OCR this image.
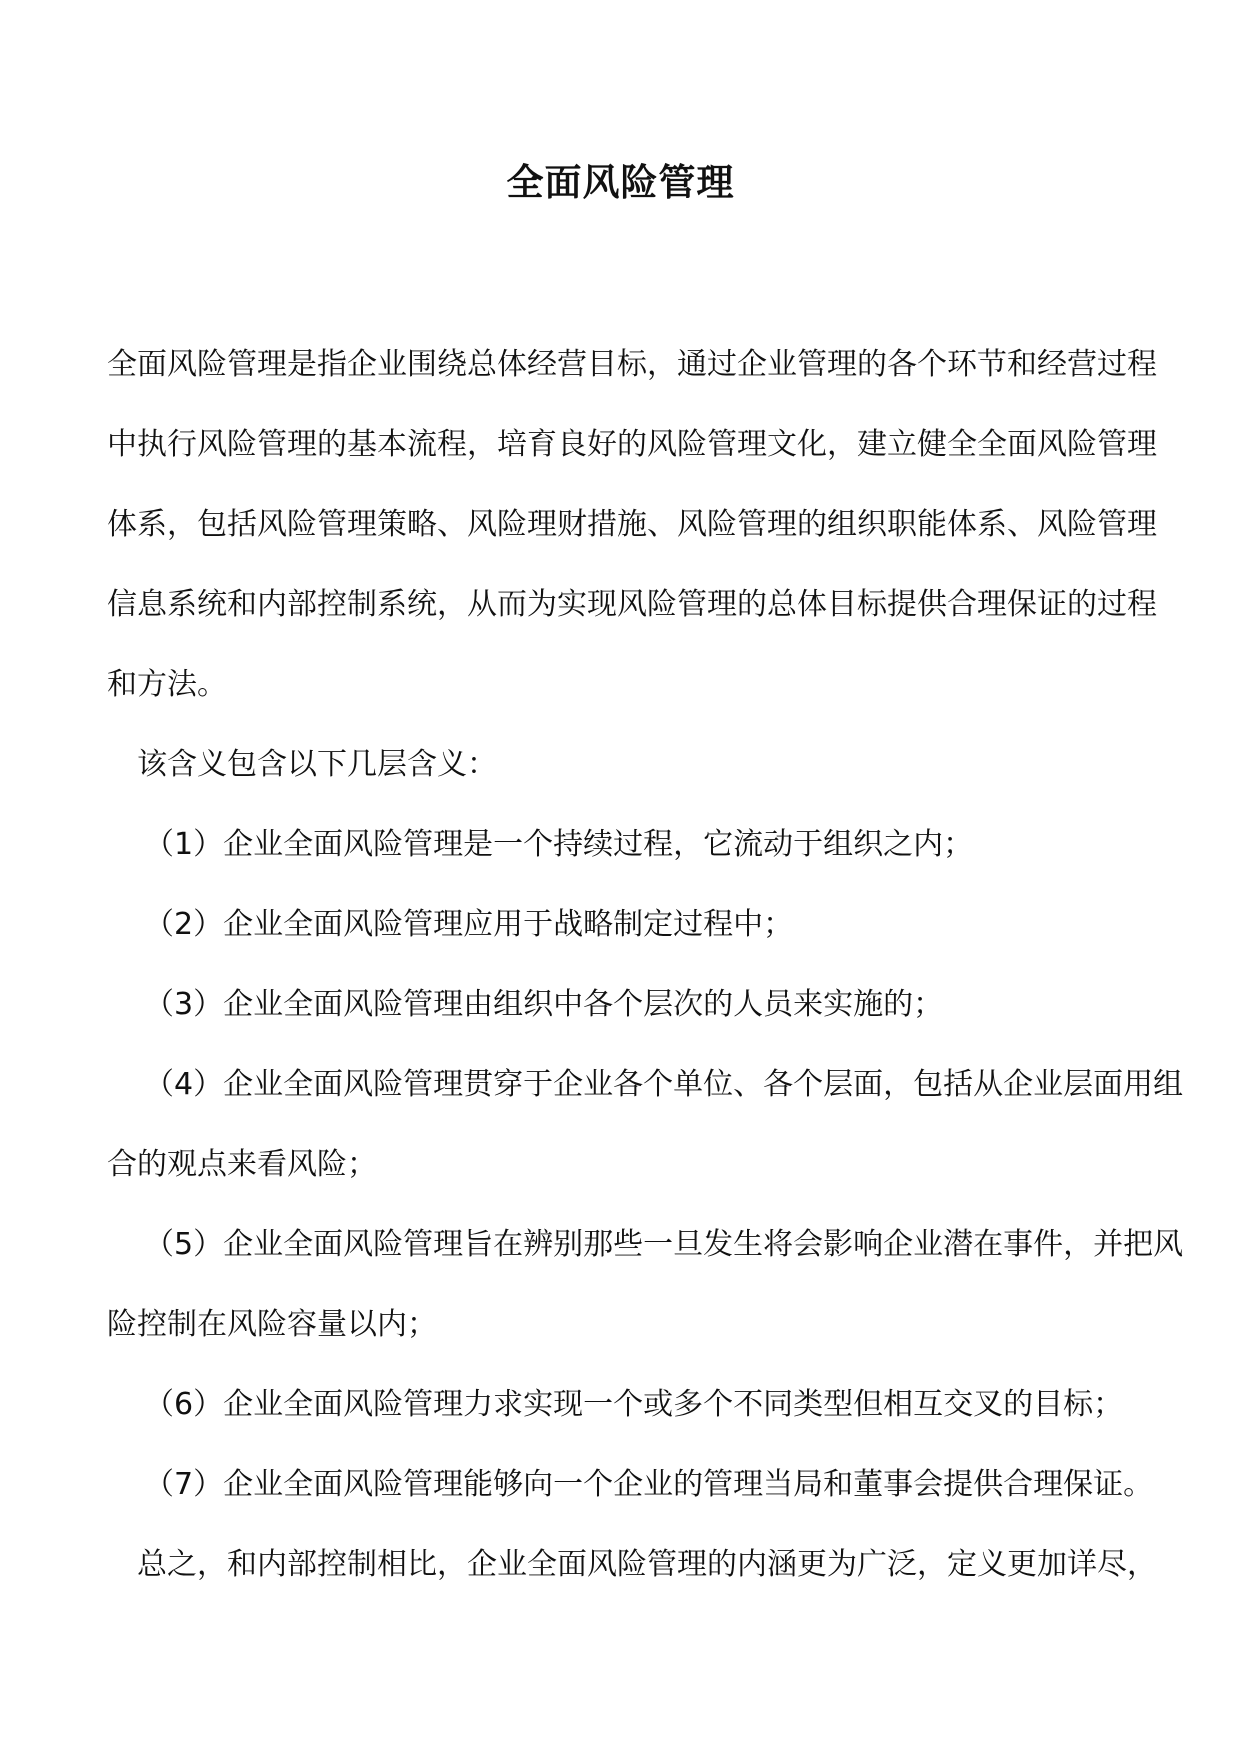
全面风险管理
全面风险管理是指企业围绕总体经营目标，通过企业管理的各个环节和经营过程
中执行风险管理的基本流程，培育良好的风险管理文化，建立健全全面风险管理
体系，包括风险管理策略、风险理财措施、风险管理的组织职能体系、风险管理
信息系统和内部控制系统，从而为实现风险管理的总体目标提供合理保证的过程
和方法。
该含义包含以下几层含义：
（1）企业全面风险管理是一个持续过程，它流动于组织之内；
（2）企业全面风险管理应用于战略制定过程中；
（3）企业全面风险管理由组织中各个层次的人员来实施的；
（4）企业全面风险管理贯穿于企业各个单位、各个层面，包括从企业层面用组
合的观点来看风险；
（5）企业全面风险管理旨在辨别那些一旦发生将会影响企业潜在事件，并把风
险控制在风险容量以内；
（6）企业全面风险管理力求实现一个或多个不同类型但相互交叉的目标；
（7）企业全面风险管理能够向一个企业的管理当局和董事会提供合理保证。
总之，和内部控制相比，企业全面风险管理的内涵更为广泛，定义更加详尽，
